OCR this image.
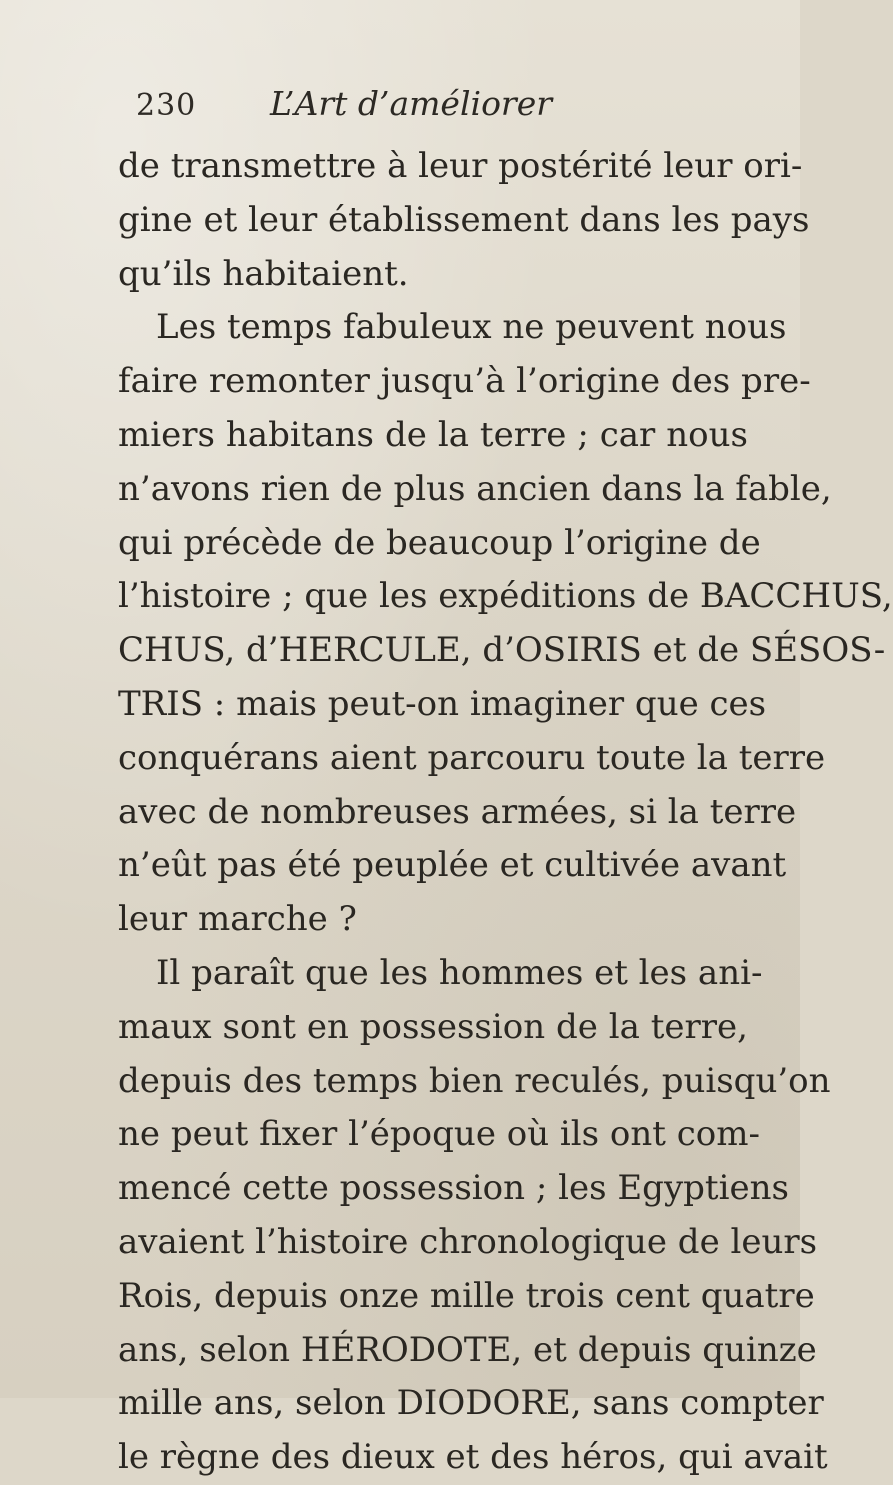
230 L’Art d’améliorer
de transmettre à leur postérité leur ori-
gine et leur établissement dans les pays
qu’ils habitaient.
Les temps fabuleux ne peuvent nous
faire remonter jusqu’à l’origine des pre-
miers habitans de la terre ; car nous
n’avons rien de plus ancien dans la fable,
qui précède de beaucoup l’origine de
l’histoire ; que les expéditions de BACCHUS,
CHUS, d’HERCULE, d’OSIRIS et de SÉSOS-
TRIS : mais peut-on imaginer que ces
conquérans aient parcouru toute la terre
avec de nombreuses armées, si la terre
n’eût pas été peuplée et cultivée avant
leur marche ?
Il paraît que les hommes et les ani-
maux sont en possession de la terre,
depuis des temps bien reculés, puisqu’on
ne peut fixer l’époque où ils ont com-
mencé cette possession ; les Egyptiens
avaient l’histoire chronologique de leurs
Rois, depuis onze mille trois cent quatre
ans, selon HÉRODOTE, et depuis quinze
mille ans, selon DIODORE, sans compter
le règne des dieux et des héros, qui avait
